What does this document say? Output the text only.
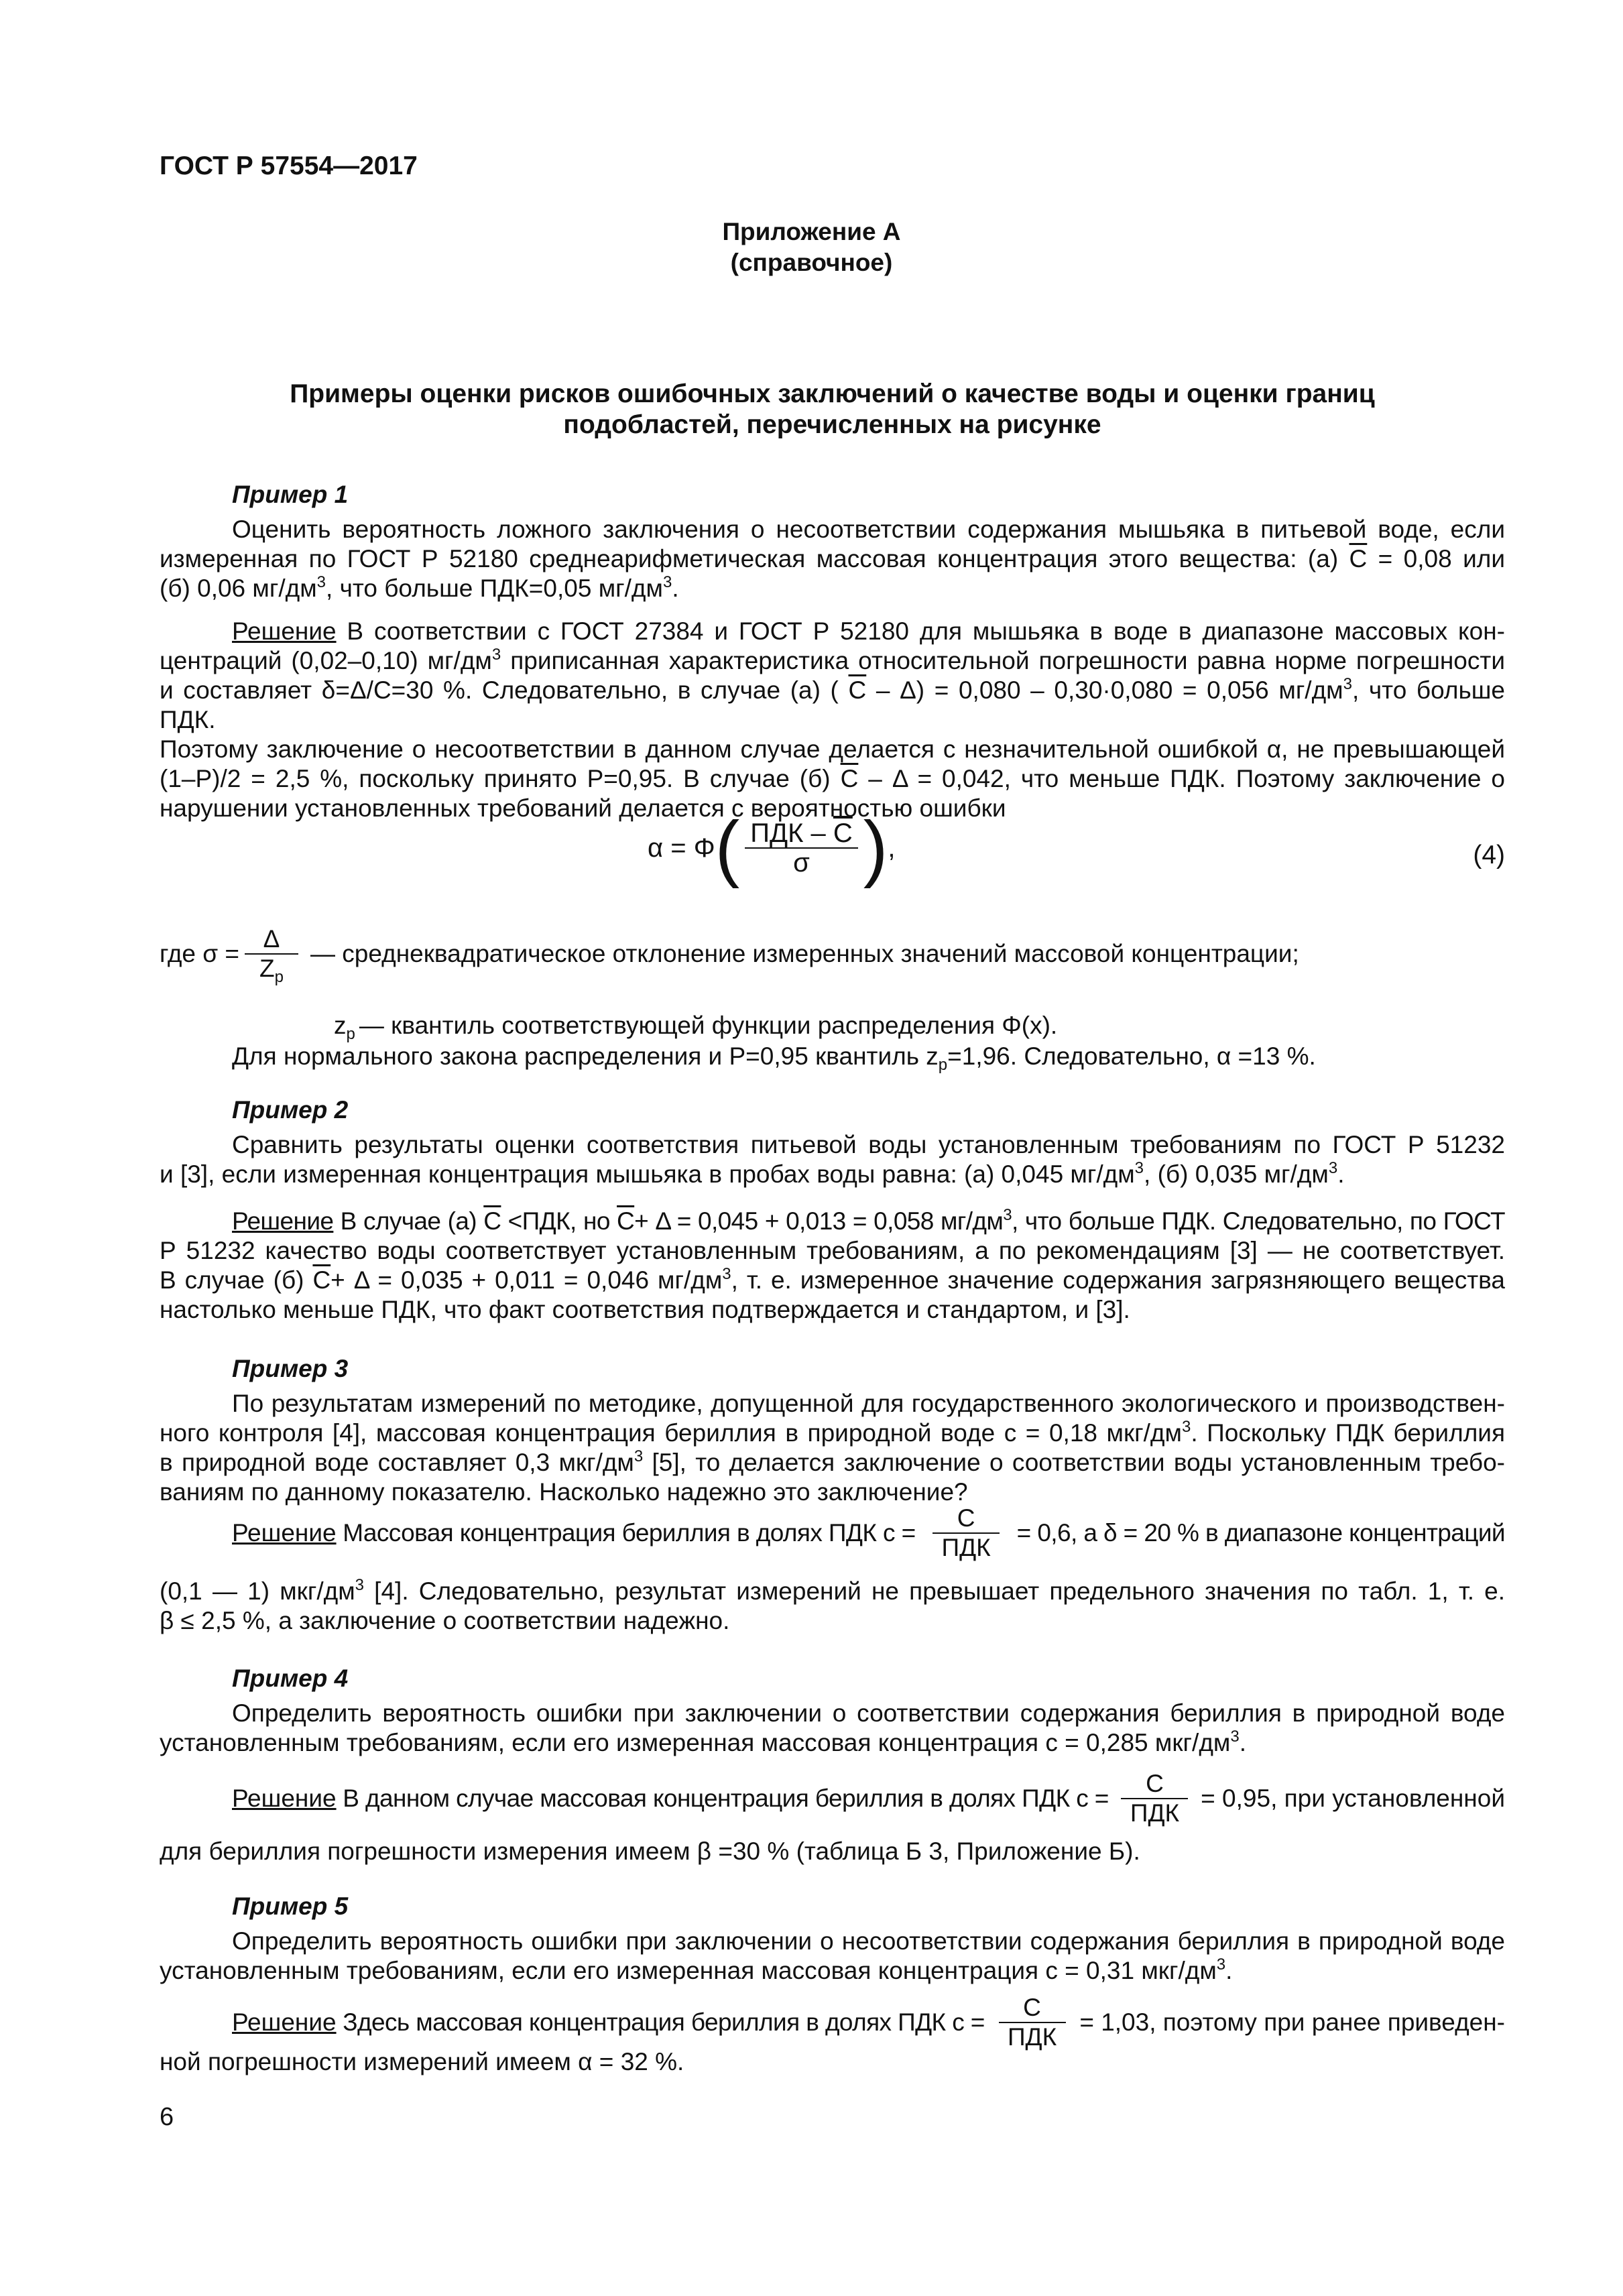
ГОСТ Р 57554—2017
Приложение А
(справочное)
Примеры оценки рисков ошибочных заключений о качестве воды и оценки границ
подобластей, перечисленных на рисунке
Пример 1
Оценить вероятность ложного заключения о несоответствии содержания мышьяка в питьевой воде, если
измеренная по ГОСТ Р 52180 среднеарифметическая массовая концентрация этого вещества: (а) $\overline{C} = 0,08$ или
(б) 0,06 $мг/дм^3$, что больше ПДК=0,05 $мг/дм^3$.
Решение В соответствии с ГОСТ 27384 и ГОСТ Р 52180 для мышьяка в воде в диапазоне массовых кон-
центраций (0,02–0,10) $мг/дм^3$ приписанная характеристика относительной погрешности равна норме погрешности
и составляет δ=Δ/C=30 %. Следовательно, в случае (а) ( $\overline{C} - \Delta) = 0,080 - 0,30\cdot 0,080 = 0,056$ $мг/дм^3$, что больше ПДК.
Поэтому заключение о несоответствии в данном случае делается с незначительной ошибкой α, не превышающей
(1–P)/2 = 2,5 %, поскольку принято P=0,95. В случае (б) $\overline{C} - \Delta = 0,042$, что меньше ПДК. Поэтому заключение о
нарушении установленных требований делается с вероятностью ошибки
α = Φ ( $\frac{ПДК - \overline{C}}{\sigma}$ ) ,	(4)
где $\sigma = \frac{\Delta}{Z_p}$ — среднеквадратическое отклонение измеренных значений массовой концентрации;
$z_p$ — квантиль соответствующей функции распределения Φ(x).
Для нормального закона распределения и P=0,95 квантиль $z_p=1,96$. Следовательно, α =13 %.
Пример 2
Сравнить результаты оценки соответствия питьевой воды установленным требованиям по ГОСТ Р 51232
и [3], если измеренная концентрация мышьяка в пробах воды равна: (а) 0,045 $мг/дм^3$, (б) 0,035 $мг/дм^3$.
Решение В случае (а) $\overline{C} <ПДК$, но $\overline{C}+ \Delta = 0,045 + 0,013 = 0,058$ $мг/дм^3$, что больше ПДК. Следовательно, по ГОСТ
Р 51232 качество воды соответствует установленным требованиям, а по рекомендациям [3] — не соответствует.
В случае (б) $\overline{C}+ \Delta = 0,035 + 0,011 = 0,046$ $мг/дм^3$, т. е. измеренное значение содержания загрязняющего вещества
настолько меньше ПДК, что факт соответствия подтверждается и стандартом, и [3].
Пример 3
По результатам измерений по методике, допущенной для государственного экологического и производствен-
ного контроля [4], массовая концентрация бериллия в природной воде c = 0,18 мкг/$дм^3$. Поскольку ПДК бериллия
в природной воде составляет 0,3 мкг/$дм^3$ [5], то делается заключение о соответствии воды установленным требо-
ваниям по данному показателю. Насколько надежно это заключение?
Решение Массовая концентрация бериллия в долях ПДК $c = \frac{C}{\text{ПДК}} = 0,6$, а δ = 20 % в диапазоне концентраций
(0,1 — 1) мкг/$дм^3$ [4]. Следовательно, результат измерений не превышает предельного значения по табл. 1, т. е.
β ≤ 2,5 %, а заключение о соответствии надежно.
Пример 4
Определить вероятность ошибки при заключении о соответствии содержания бериллия в природной воде
установленным требованиям, если его измеренная массовая концентрация c = 0,285 мкг/$дм^3$.
Решение В данном случае массовая концентрация бериллия в долях ПДК $c = \frac{C}{\text{ПДК}} = 0,95$, при установленной
для бериллия погрешности измерения имеем β =30 % (таблица Б 3, Приложение Б).
Пример 5
Определить вероятность ошибки при заключении о несоответствии содержания бериллия в природной воде
установленным требованиям, если его измеренная массовая концентрация c = 0,31 мкг/$дм^3$.
Решение Здесь массовая концентрация бериллия в долях ПДК $c = \frac{C}{\text{ПДК}} = 1,03$, поэтому при ранее приведен-
ной погрешности измерений имеем α = 32 %.
6
